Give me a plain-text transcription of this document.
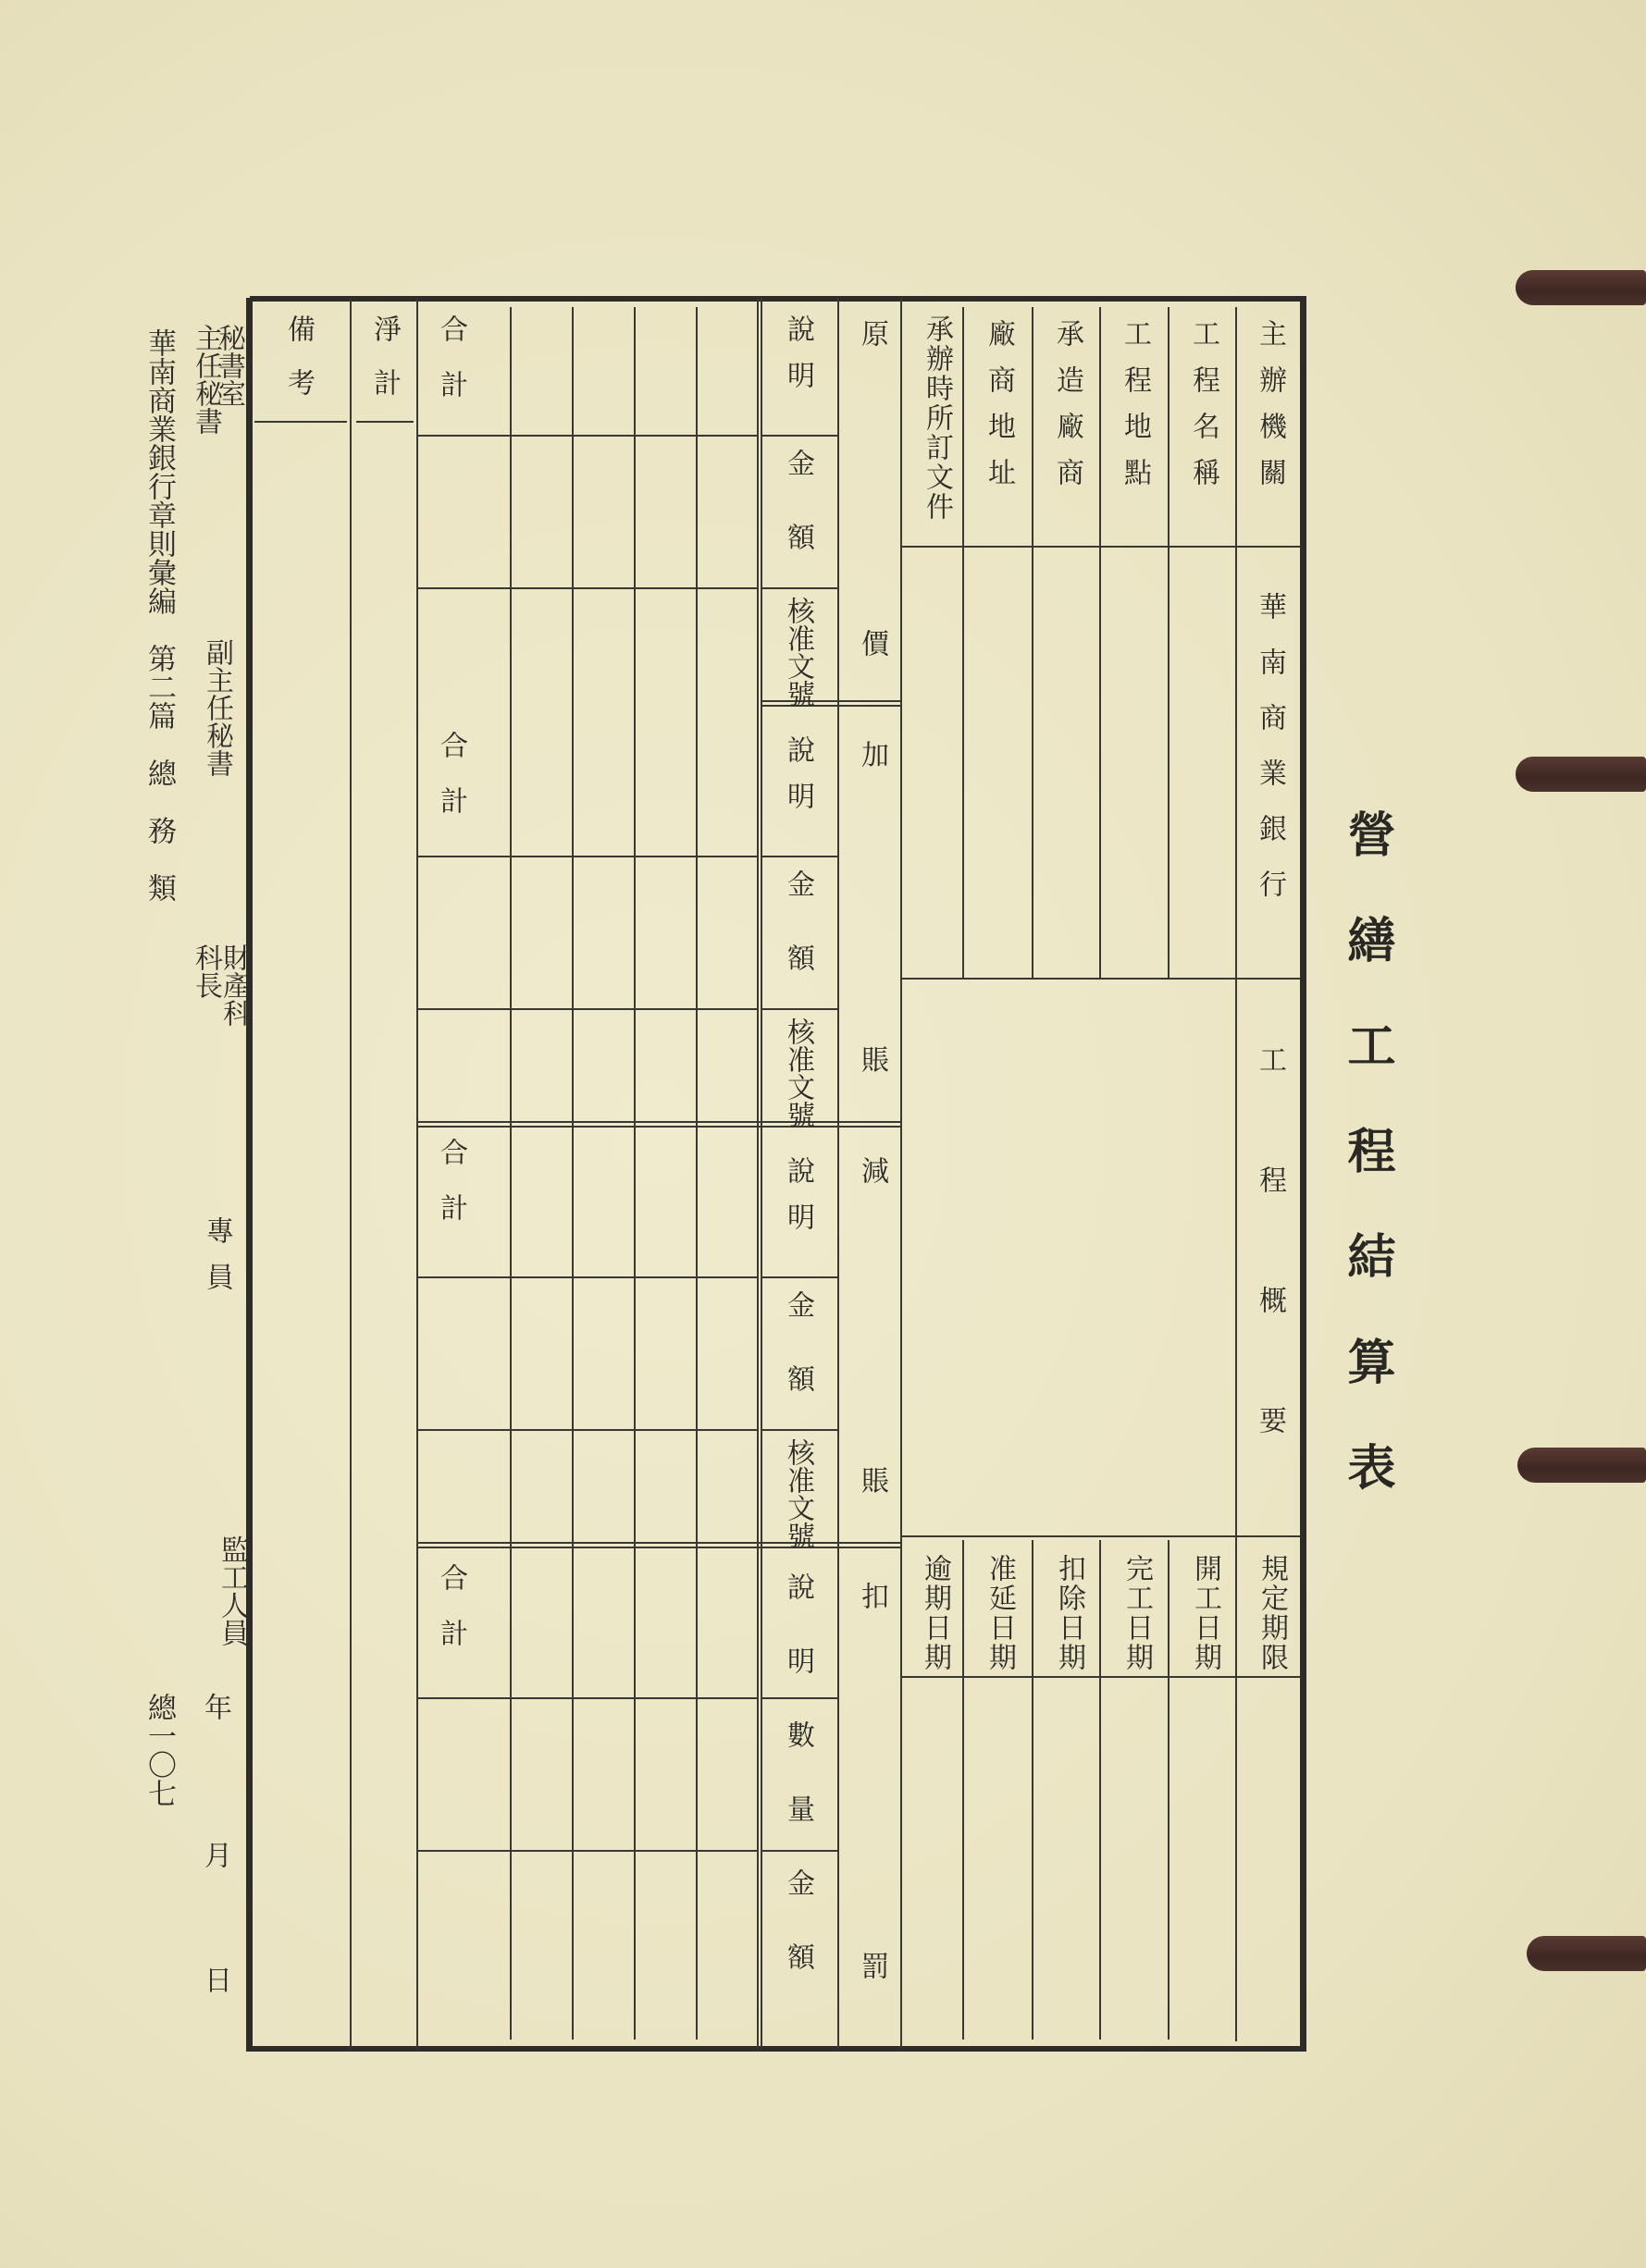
營繕工程結算表
主辦機關
工程名稱
工程地點
承造廠商
廠商地址
承辦時所訂文件
華南商業銀行
工程概要
規定期限
開工日期
完工日期
扣除日期
准延日期
逾期日期
原
價
加
賬
減
賬
扣
罰
說明
金額
核准文號
說明
金額
核准文號
說明
金額
核准文號
說明
數量
金額
合計
合計
合計
合計
淨計
備考
秘書室
主任秘書
副主任秘書
財產科
科長
專員
監工人員
年
月
日
華南商業銀行章則彙編　第二篇　總　務　類
總一〇七
